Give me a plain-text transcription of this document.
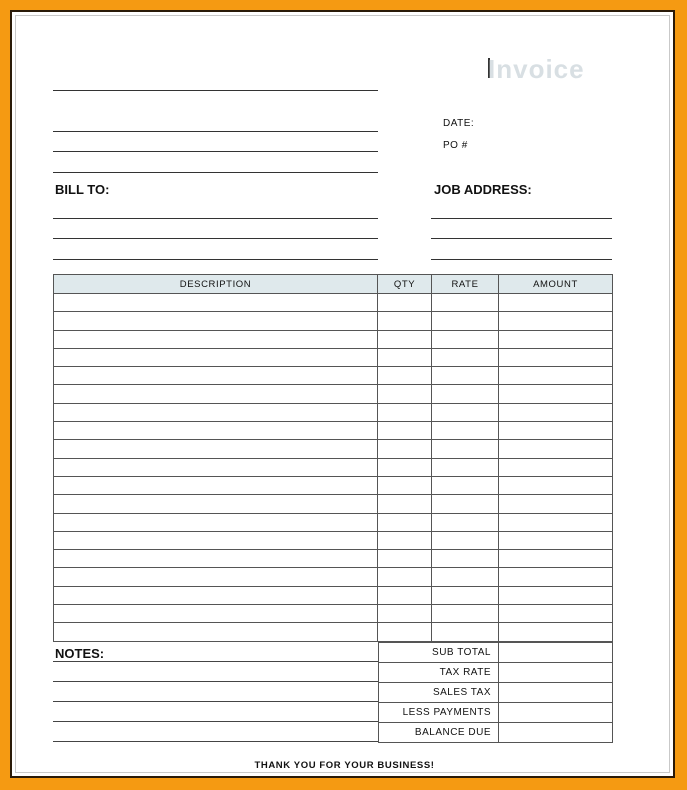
Invoice
DATE:
PO #
BILL TO:	JOB ADDRESS:
DESCRIPTION	QTY	RATE	AMOUNT

NOTES:	SUB TOTAL	
TAX RATE	
SALES TAX	
LESS PAYMENTS	
BALANCE DUE	
THANK YOU FOR YOUR BUSINESS!
